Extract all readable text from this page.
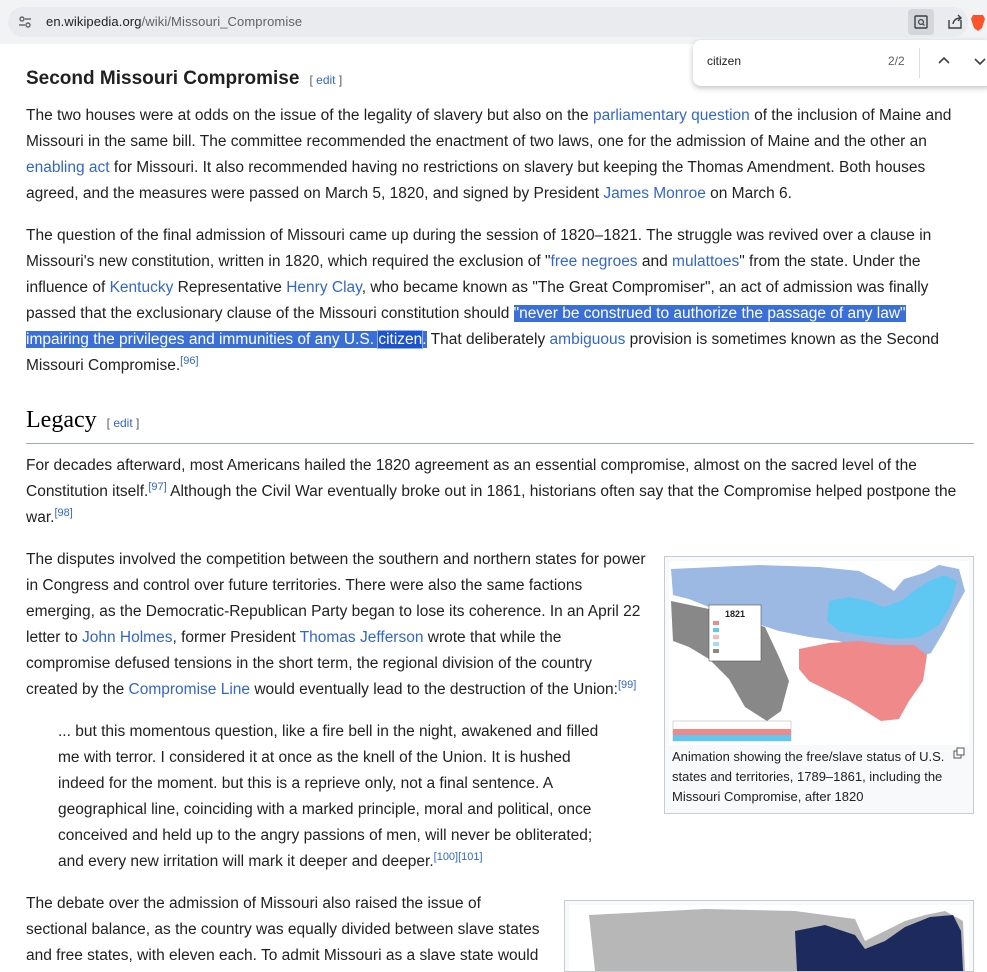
en.wikipedia.org/wiki/Missouri_Compromise
citizen	2/2
Second Missouri Compromise [ edit ]

The two houses were at odds on the issue of the legality of slavery but also on the parliamentary question of the inclusion of Maine and Missouri in the same bill. The committee recommended the enactment of two laws, one for the admission of Maine and the other an enabling act for Missouri. It also recommended having no restrictions on slavery but keeping the Thomas Amendment. Both houses agreed, and the measures were passed on March 5, 1820, and signed by President James Monroe on March 6.

The question of the final admission of Missouri came up during the session of 1820–1821. The struggle was revived over a clause in Missouri's new constitution, written in 1820, which required the exclusion of "free negroes and mulattoes" from the state. Under the influence of Kentucky Representative Henry Clay, who became known as "The Great Compromiser", an act of admission was finally passed that the exclusionary clause of the Missouri constitution should "never be construed to authorize the passage of any law" impairing the privileges and immunities of any U.S. citizen. That deliberately ambiguous provision is sometimes known as the Second Missouri Compromise.[96]

Legacy [ edit ]

For decades afterward, most Americans hailed the 1820 agreement as an essential compromise, almost on the sacred level of the Constitution itself.[97] Although the Civil War eventually broke out in 1861, historians often say that the Compromise helped postpone the war.[98]

The disputes involved the competition between the southern and northern states for power in Congress and control over future territories. There were also the same factions emerging, as the Democratic-Republican Party began to lose its coherence. In an April 22 letter to John Holmes, former President Thomas Jefferson wrote that while the compromise defused tensions in the short term, the regional division of the country created by the Compromise Line would eventually lead to the destruction of the Union:[99]

... but this momentous question, like a fire bell in the night, awakened and filled me with terror. I considered it at once as the knell of the Union. It is hushed indeed for the moment. but this is a reprieve only, not a final sentence. A geographical line, coinciding with a marked principle, moral and political, once conceived and held up to the angry passions of men, will never be obliterated; and every new irritation will mark it deeper and deeper.[100][101]
1821
Animation showing the free/slave status of U.S. states and territories, 1789–1861, including the Missouri Compromise, after 1820

The debate over the admission of Missouri also raised the issue of sectional balance, as the country was equally divided between slave states and free states, with eleven each. To admit Missouri as a slave state would
